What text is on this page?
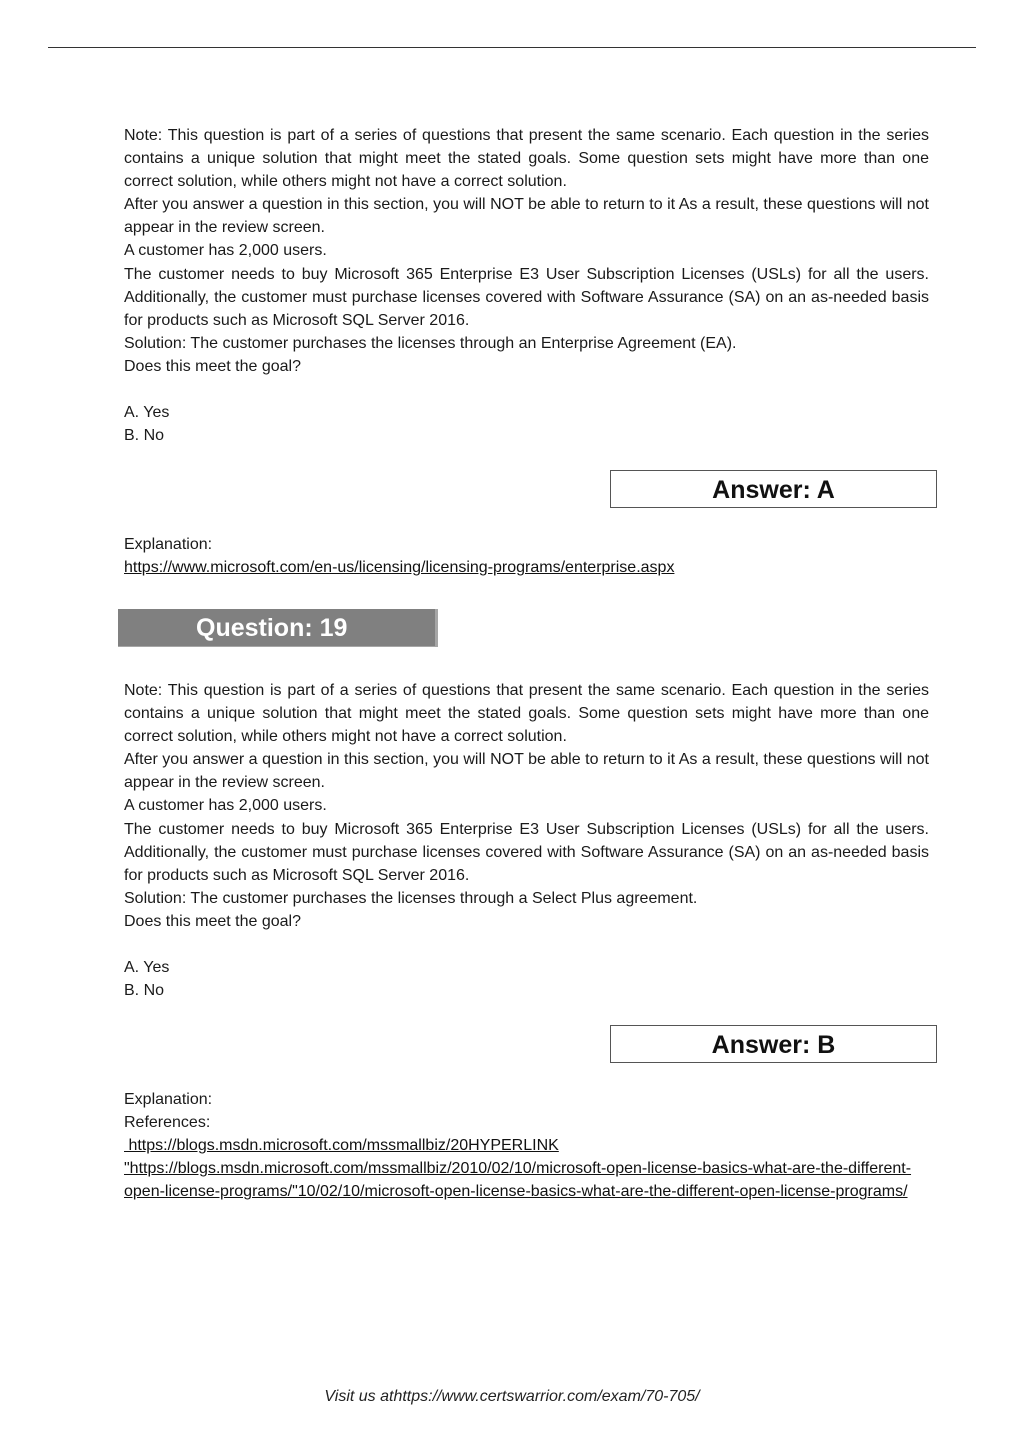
Note: This question is part of a series of questions that present the same scenario. Each question in the series contains a unique solution that might meet the stated goals. Some question sets might have more than one correct solution, while others might not have a correct solution.

After you answer a question in this section, you will NOT be able to return to it As a result, these questions will not appear in the review screen.

A customer has 2,000 users.

The customer needs to buy Microsoft 365 Enterprise E3 User Subscription Licenses (USLs) for all the users. Additionally, the customer must purchase licenses covered with Software Assurance (SA) on an as-needed basis for products such as Microsoft SQL Server 2016.

Solution: The customer purchases the licenses through an Enterprise Agreement (EA).

Does this meet the goal?

A. Yes

B. No

Answer: A

Explanation:

https://www.microsoft.com/en-us/licensing/licensing-programs/enterprise.aspx

Question: 19

Note: This question is part of a series of questions that present the same scenario. Each question in the series contains a unique solution that might meet the stated goals. Some question sets might have more than one correct solution, while others might not have a correct solution.

After you answer a question in this section, you will NOT be able to return to it As a result, these questions will not appear in the review screen.

A customer has 2,000 users.

The customer needs to buy Microsoft 365 Enterprise E3 User Subscription Licenses (USLs) for all the users. Additionally, the customer must purchase licenses covered with Software Assurance (SA) on an as-needed basis for products such as Microsoft SQL Server 2016.

Solution: The customer purchases the licenses through a Select Plus agreement.

Does this meet the goal?

A. Yes

B. No

Answer: B

Explanation:

References:

https://blogs.msdn.microsoft.com/mssmallbiz/20HYPERLINK

"https://blogs.msdn.microsoft.com/mssmallbiz/2010/02/10/microsoft-open-license-basics-what-are-the-different-open-license-programs/"10/02/10/microsoft-open-license-basics-what-are-the-different-open-license-programs/

Visit us athttps://www.certswarrior.com/exam/70-705/
